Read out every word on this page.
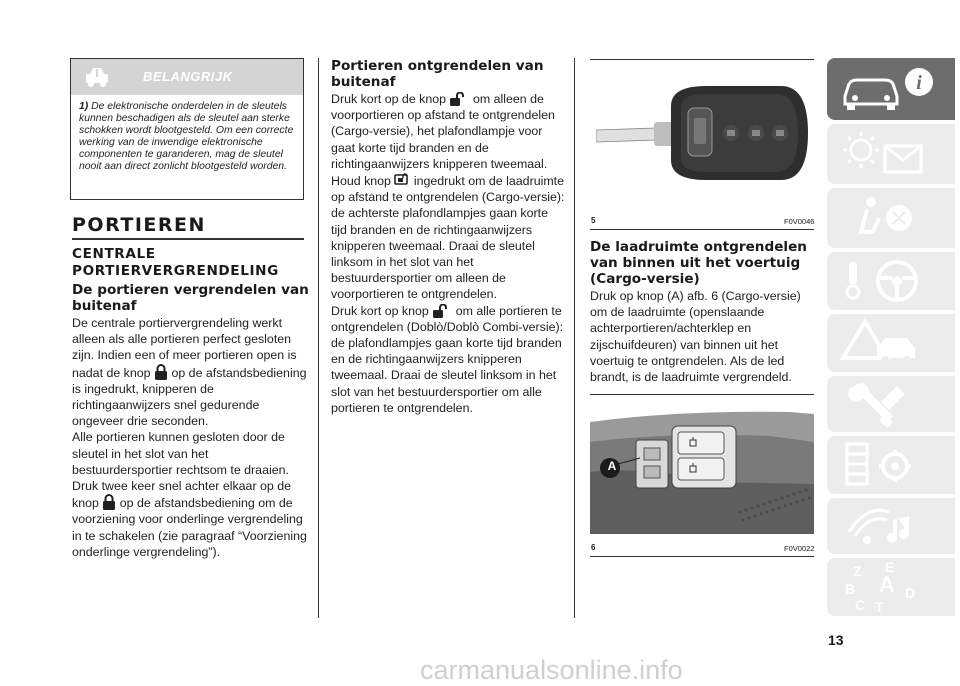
BELANGRIJK

1) De elektronische onderdelen in de sleutels kunnen beschadigen als de sleutel aan sterke schokken wordt blootgesteld. Om een correcte werking van de inwendige elektronische componenten te garanderen, mag de sleutel nooit aan direct zonlicht blootgesteld worden.

PORTIEREN
CENTRALE PORTIERVERGRENDELING
De portieren vergrendelen van buitenaf

De centrale portiervergrendeling werkt alleen als alle portieren perfect gesloten zijn. Indien een of meer portieren open is nadat de knop op de afstandsbediening is ingedrukt, knipperen de richtingaanwijzers snel gedurende ongeveer drie seconden.

Alle portieren kunnen gesloten door de sleutel in het slot van het bestuurdersportier rechtsom te draaien. Druk twee keer snel achter elkaar op de knop op de afstandsbediening om de voorziening voor onderlinge vergrendeling in te schakelen (zie paragraaf “Voorziening onderlinge vergrendeling”).

Portieren ontgrendelen van buitenaf

Druk kort op de knop om alleen de voorportieren op afstand te ontgrendelen (Cargo-versie), het plafondlampje voor gaat korte tijd branden en de richtingaanwijzers knipperen tweemaal.

Houd knop ingedrukt om de laadruimte op afstand te ontgrendelen (Cargo-versie): de achterste plafondlampjes gaan korte tijd branden en de richtingaanwijzers knipperen tweemaal. Draai de sleutel linksom in het slot van het bestuurdersportier om alleen de voorportieren te ontgrendelen.

Druk kort op knop om alle portieren te ontgrendelen (Doblò/Doblò Combi-versie): de plafondlampjes gaan korte tijd branden en de richtingaanwijzers knipperen tweemaal. Draai de sleutel linksom in het slot van het bestuurdersportier om alle portieren te ontgrendelen.

5	F0V0046
De laadruimte ontgrendelen van binnen uit het voertuig (Cargo-versie)

Druk op knop (A) afb. 6 (Cargo-versie) om de laadruimte (openslaande achterportieren/achterklep en zijschuifdeuren) van binnen uit het voertuig te ontgrendelen. Als de led brandt, is de laadruimte vergrendeld.

A
6	F0V0022
i
Z E
B A D
C T
13
carmanualsonline.info
